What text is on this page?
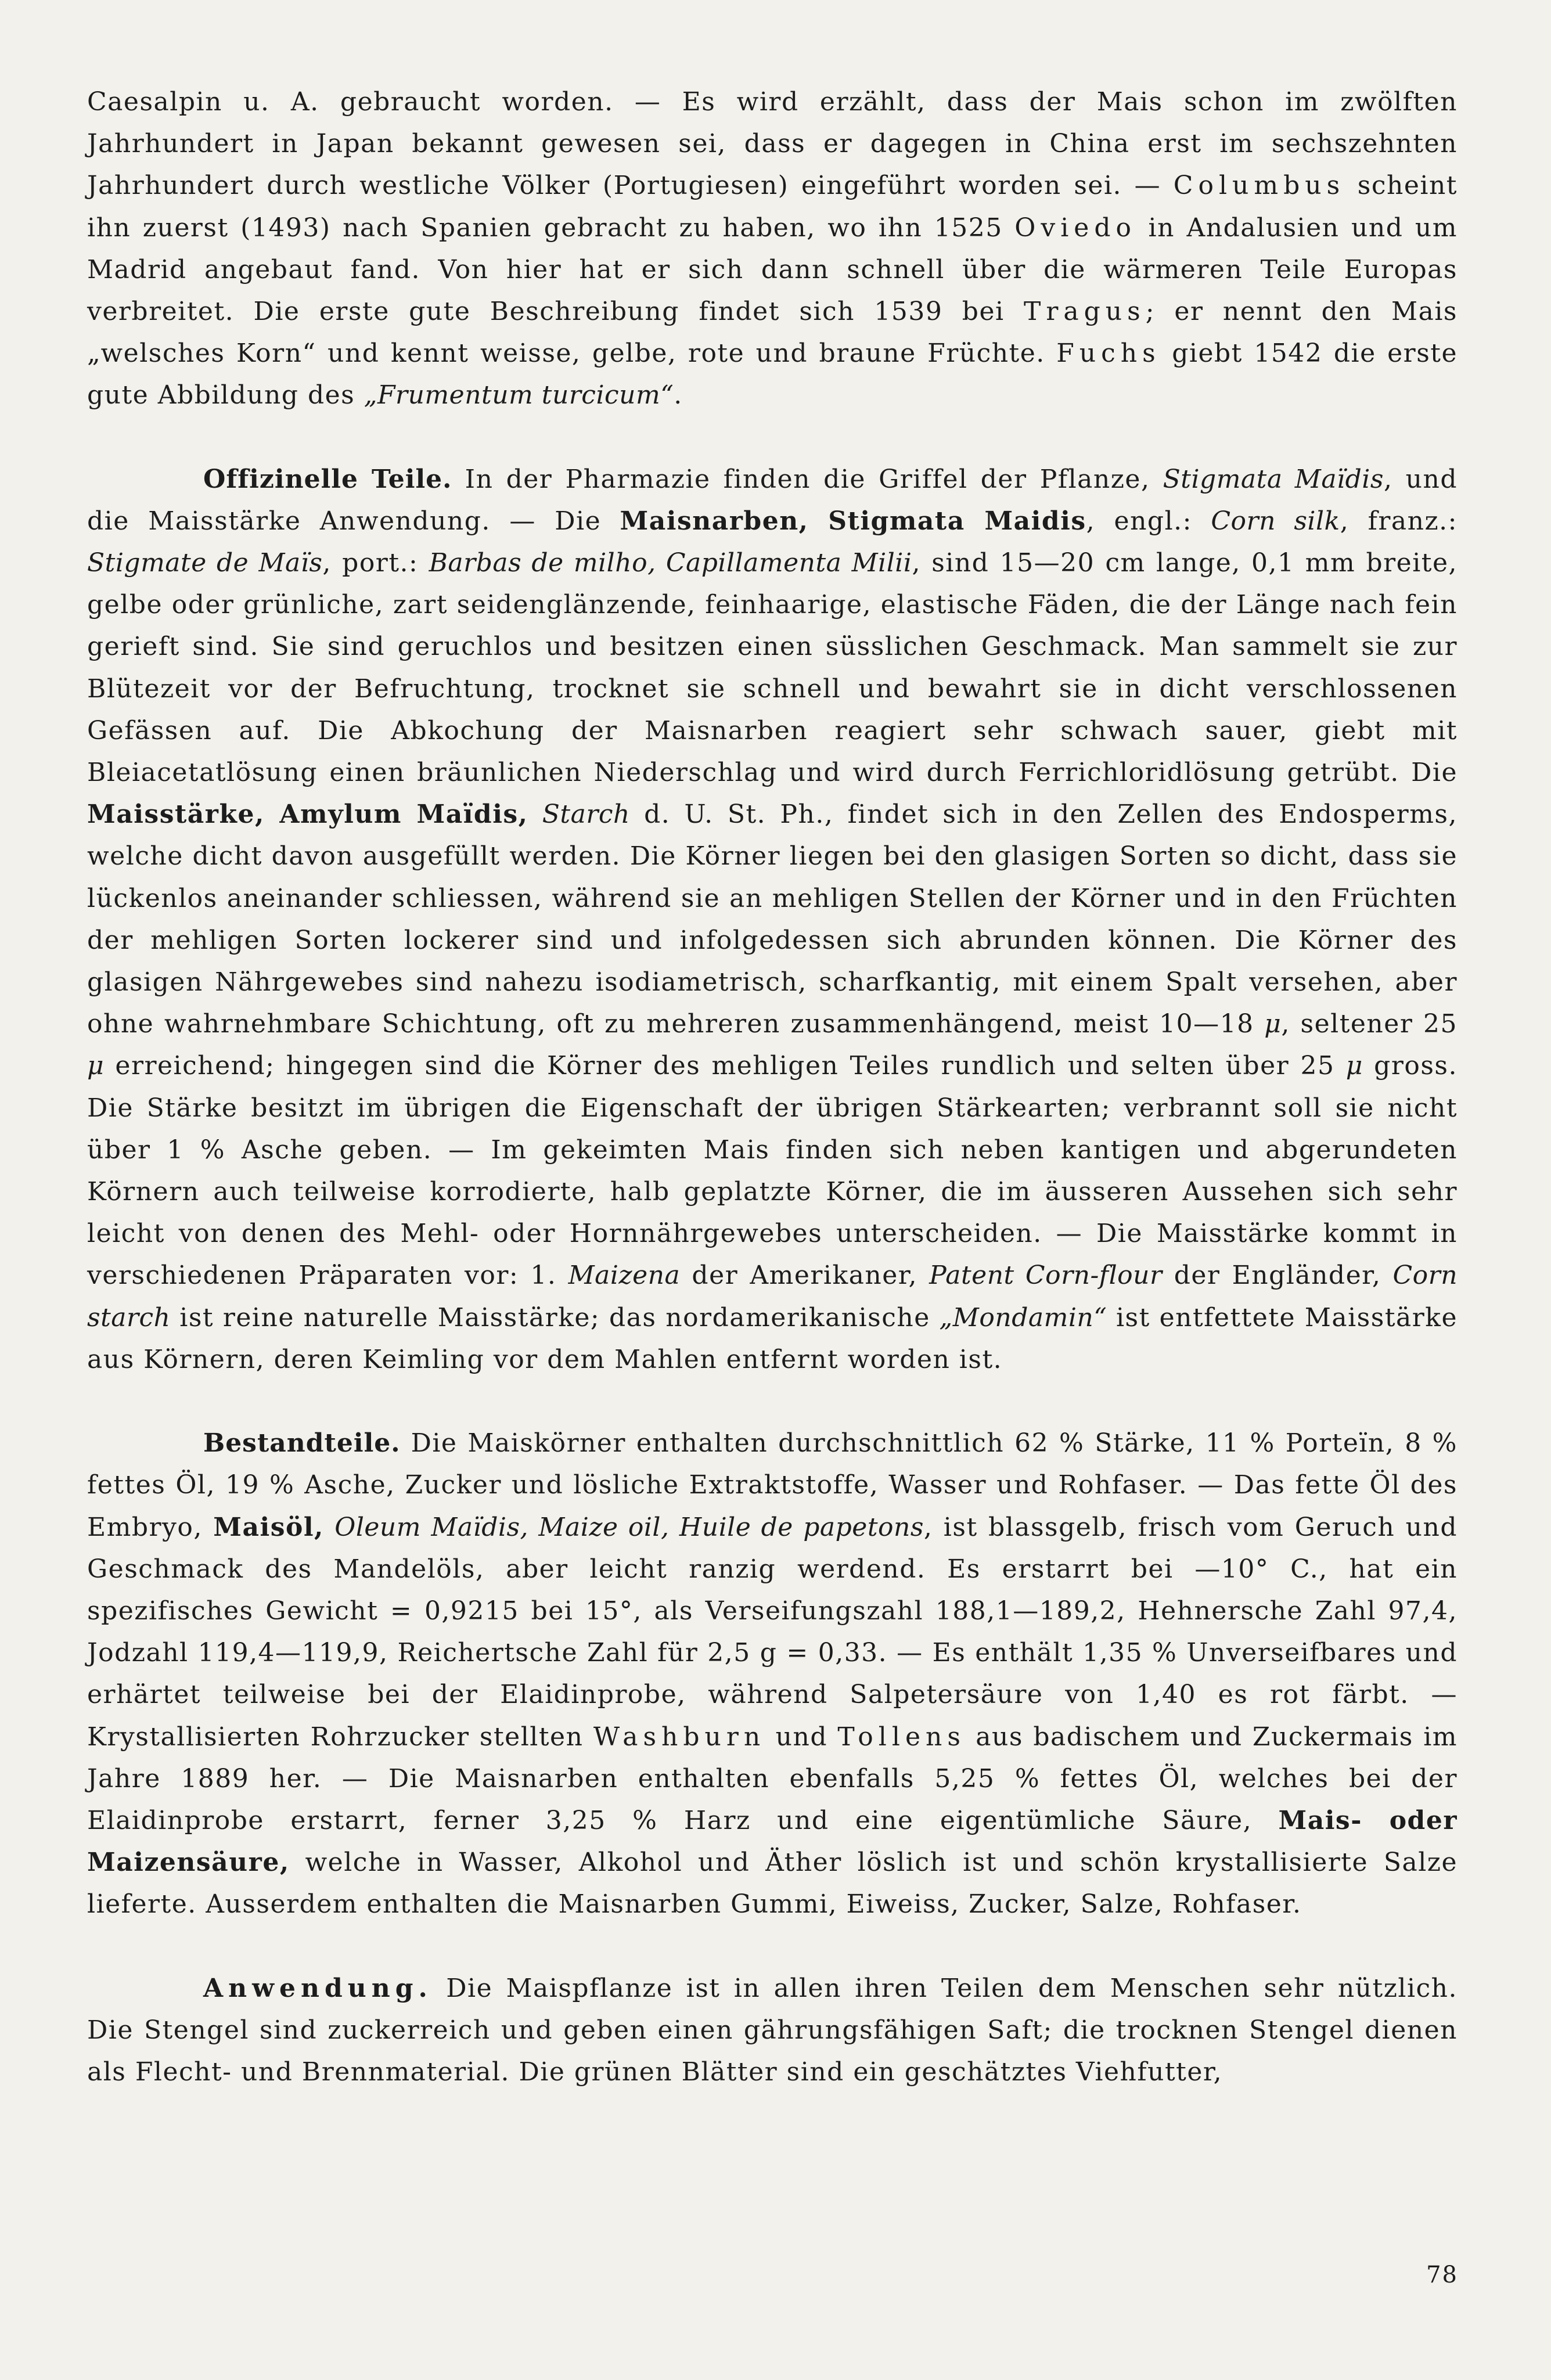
Caesalpin u. A. gebraucht worden. — Es wird erzählt, dass der Mais schon im zwölften Jahrhundert in Japan bekannt gewesen sei, dass er dagegen in China erst im sechszehnten Jahrhundert durch westliche Völker (Portugiesen) eingeführt worden sei. — Columbus scheint ihn zuerst (1493) nach Spanien gebracht zu haben, wo ihn 1525 Oviedo in Andalusien und um Madrid angebaut fand. Von hier hat er sich dann schnell über die wärmeren Teile Europas verbreitet. Die erste gute Beschreibung findet sich 1539 bei Tragus; er nennt den Mais „welsches Korn“ und kennt weisse, gelbe, rote und braune Früchte. Fuchs giebt 1542 die erste gute Abbildung des „Frumentum turcicum“.

Offizinelle Teile. In der Pharmazie finden die Griffel der Pflanze, Stigmata Maïdis, und die Maisstärke Anwendung. — Die Maisnarben, Stigmata Maidis, engl.: Corn silk, franz.: Stigmate de Maïs, port.: Barbas de milho, Capillamenta Milii, sind 15—20 cm lange, 0,1 mm breite, gelbe oder grünliche, zart seidenglänzende, feinhaarige, elastische Fäden, die der Länge nach fein gerieft sind. Sie sind geruchlos und besitzen einen süsslichen Geschmack. Man sammelt sie zur Blütezeit vor der Befruchtung, trocknet sie schnell und bewahrt sie in dicht verschlossenen Gefässen auf. Die Abkochung der Maisnarben reagiert sehr schwach sauer, giebt mit Bleiacetatlösung einen bräunlichen Niederschlag und wird durch Ferrichloridlösung getrübt. Die Maisstärke, Amylum Maïdis, Starch d. U. St. Ph., findet sich in den Zellen des Endosperms, welche dicht davon ausgefüllt werden. Die Körner liegen bei den glasigen Sorten so dicht, dass sie lückenlos aneinander schliessen, während sie an mehligen Stellen der Körner und in den Früchten der mehligen Sorten lockerer sind und infolgedessen sich abrunden können. Die Körner des glasigen Nährgewebes sind nahezu isodiametrisch, scharfkantig, mit einem Spalt versehen, aber ohne wahrnehmbare Schichtung, oft zu mehreren zusammenhängend, meist 10—18 μ, seltener 25 μ erreichend; hingegen sind die Körner des mehligen Teiles rundlich und selten über 25 μ gross. Die Stärke besitzt im übrigen die Eigenschaft der übrigen Stärkearten; verbrannt soll sie nicht über 1 % Asche geben. — Im gekeimten Mais finden sich neben kantigen und abgerundeten Körnern auch teilweise korrodierte, halb geplatzte Körner, die im äusseren Aussehen sich sehr leicht von denen des Mehl- oder Hornnährgewebes unterscheiden. — Die Maisstärke kommt in verschiedenen Präparaten vor: 1. Maizena der Amerikaner, Patent Corn-flour der Engländer, Corn starch ist reine naturelle Maisstärke; das nordamerikanische „Mondamin“ ist entfettete Maisstärke aus Körnern, deren Keimling vor dem Mahlen entfernt worden ist.

Bestandteile. Die Maiskörner enthalten durchschnittlich 62 % Stärke, 11 % Porteïn, 8 % fettes Öl, 19 % Asche, Zucker und lösliche Extraktstoffe, Wasser und Rohfaser. — Das fette Öl des Embryo, Maisöl, Oleum Maïdis, Maize oil, Huile de papetons, ist blassgelb, frisch vom Geruch und Geschmack des Mandelöls, aber leicht ranzig werdend. Es erstarrt bei —10° C., hat ein spezifisches Gewicht = 0,9215 bei 15°, als Verseifungszahl 188,1—189,2, Hehnersche Zahl 97,4, Jodzahl 119,4—119,9, Reichertsche Zahl für 2,5 g = 0,33. — Es enthält 1,35 % Unverseifbares und erhärtet teilweise bei der Elaidinprobe, während Salpetersäure von 1,40 es rot färbt. — Krystallisierten Rohrzucker stellten Washburn und Tollens aus badischem und Zuckermais im Jahre 1889 her. — Die Maisnarben enthalten ebenfalls 5,25 % fettes Öl, welches bei der Elaidinprobe erstarrt, ferner 3,25 % Harz und eine eigentümliche Säure, Mais- oder Maizensäure, welche in Wasser, Alkohol und Äther löslich ist und schön krystallisierte Salze lieferte. Ausserdem enthalten die Maisnarben Gummi, Eiweiss, Zucker, Salze, Rohfaser.

Anwendung. Die Maispflanze ist in allen ihren Teilen dem Menschen sehr nützlich. Die Stengel sind zuckerreich und geben einen gährungsfähigen Saft; die trocknen Stengel dienen als Flecht- und Brennmaterial. Die grünen Blätter sind ein geschätztes Viehfutter,

78
